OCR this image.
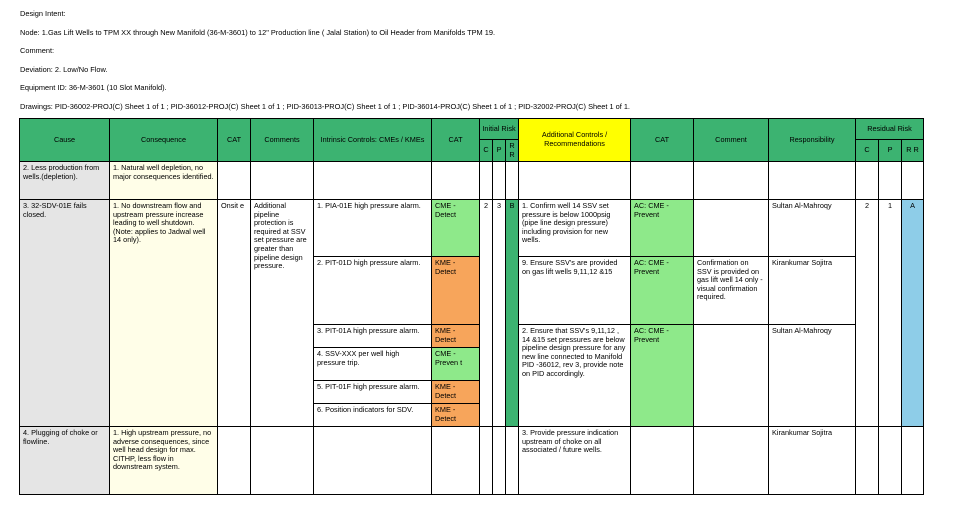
Design Intent:
Node: 1.Gas Lift Wells to TPM XX through New Manifold (36-M-3601) to 12" Production line ( Jalal Station) to Oil Header from Manifolds TPM 19.
Comment:
Deviation: 2. Low/No Flow.
Equipment ID: 36-M-3601 (10 Slot Manifold).
Drawings: PID-36002-PROJ(C) Sheet 1 of 1 ; PID-36012-PROJ(C) Sheet 1 of 1 ; PID-36013-PROJ(C) Sheet 1 of 1 ; PID-36014-PROJ(C) Sheet 1 of 1 ; PID-32002-PROJ(C) Sheet 1 of 1.
Cause	Consequence	CAT	Comments	Intrinsic Controls: CMEs / KMEs	CAT	Initial Risk			Additional Controls / Recommendations	CAT	Comment	Responsibility	Residual Risk		
						C	P	R R					C	P	R R
2. Less production from wells.(depletion).	1. Natural well depletion, no major consequences identified.														
3. 32-SDV-01E fails closed.	1. No downstream flow and upstream pressure increase leading to well shutdown. (Note: applies to Jadwal well 14 only).	Onsit e	Additional pipeline protection is required at SSV set pressure are greater than pipeline design pressure.	1. PIA-01E high pressure alarm.	CME - Detect	2	3	B	1. Confirm well 14 SSV set pressure is below 1000psig (pipe line design pressure) including provision for new wells.	AC: CME - Prevent		Sultan Al-Mahroqy	2	1	A
				2. PIT-01D high pressure alarm.	KME - Detect				9. Ensure SSV's are provided on gas lift wells 9,11,12 &15	AC: CME - Prevent	Confirmation on SSV is provided on gas lift well 14 only - visual confirmation required.	Kirankumar Sojitra			
				3. PIT-01A high pressure alarm.	KME - Detect				2. Ensure that SSV's 9,11,12 , 14 &15 set pressures are below pipeline design pressure for any new line connected to Manifold PID -36012, rev 3, provide note on PID accordingly.	AC: CME - Prevent		Sultan Al-Mahroqy			
				4. SSV-XXX per well high pressure trip.	CME - Preven t										
				5. PIT-01F high pressure alarm.	KME - Detect										
				6. Position indicators for SDV.	KME - Detect										
4. Plugging of choke or flowline.	1. High upstream pressure, no adverse consequences, since well head design for max. CITHP, less flow in downstream system.								3. Provide pressure indication upstream of choke on all associated / future wells.			Kirankumar Sojitra			
